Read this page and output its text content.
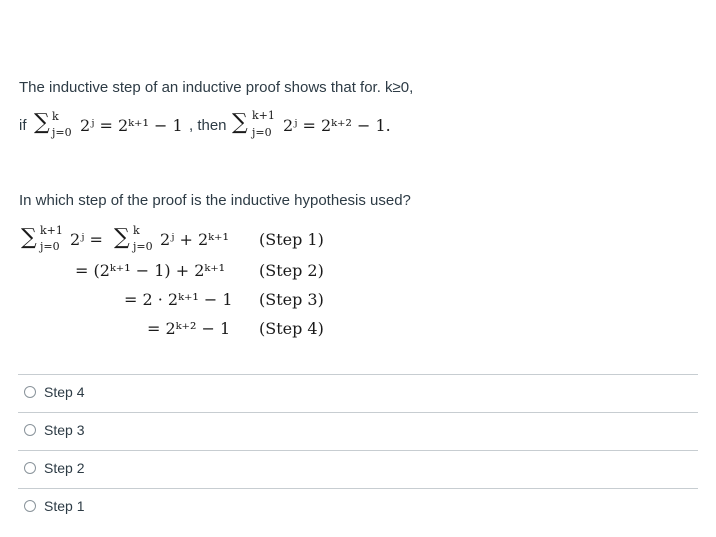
The inductive step of an inductive proof shows that for. k≥0,
if ∑ k
j=0 2ʲ = 2ᵏ⁺¹ − 1 , then ∑ k+1
j=0 2ʲ = 2ᵏ⁺² − 1.
In which step of the proof is the inductive hypothesis used?
∑ k+1
j=0 2ʲ = ∑ k
j=0 2ʲ + 2ᵏ⁺¹ (Step 1)
= (2ᵏ⁺¹ − 1) + 2ᵏ⁺¹ (Step 2)
= 2 · 2ᵏ⁺¹ − 1 (Step 3)
= 2ᵏ⁺² − 1 (Step 4)
Step 4
Step 3
Step 2
Step 1
